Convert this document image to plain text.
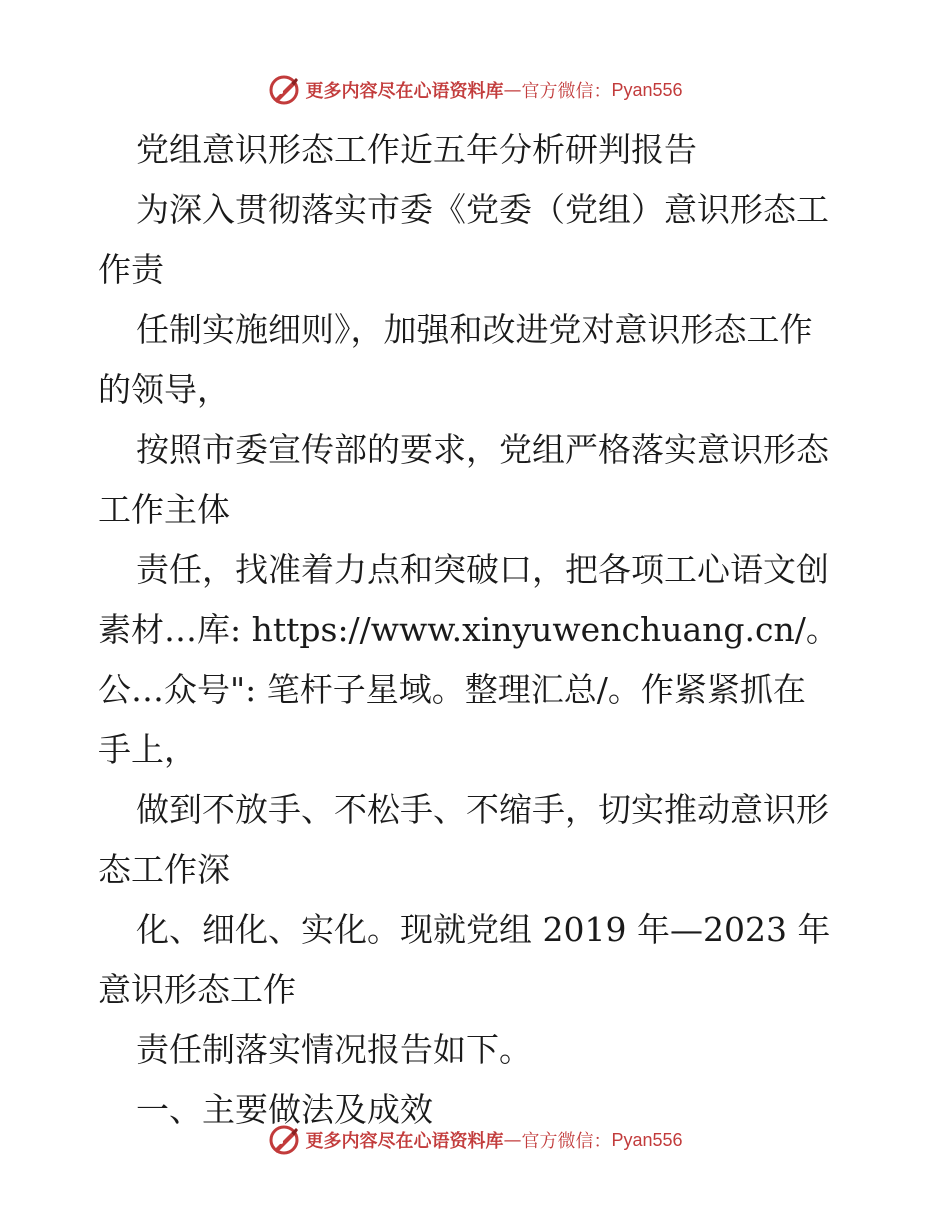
更多内容尽在心语资料库 — 官方微信： Pyan556
党组意识形态工作近五年分析研判报告
为深入贯彻落实市委《党委（党组）意识形态工
作责
任制实施细则》，加强和改进党对意识形态工作
的领导，
按照市委宣传部的要求，党组严格落实意识形态
工作主体
责任，找准着力点和突破口，把各项工心语文创
素材…库: https://www.xinyuwenchuang.cn/。
公…众号": 笔杆子星域。整理汇总/。作紧紧抓在
手上，
做到不放手、不松手、不缩手，切实推动意识形
态工作深
化、细化、实化。现就党组 2019 年—2023 年
意识形态工作
责任制落实情况报告如下。
一、主要做法及成效
更多内容尽在心语资料库 — 官方微信： Pyan556
